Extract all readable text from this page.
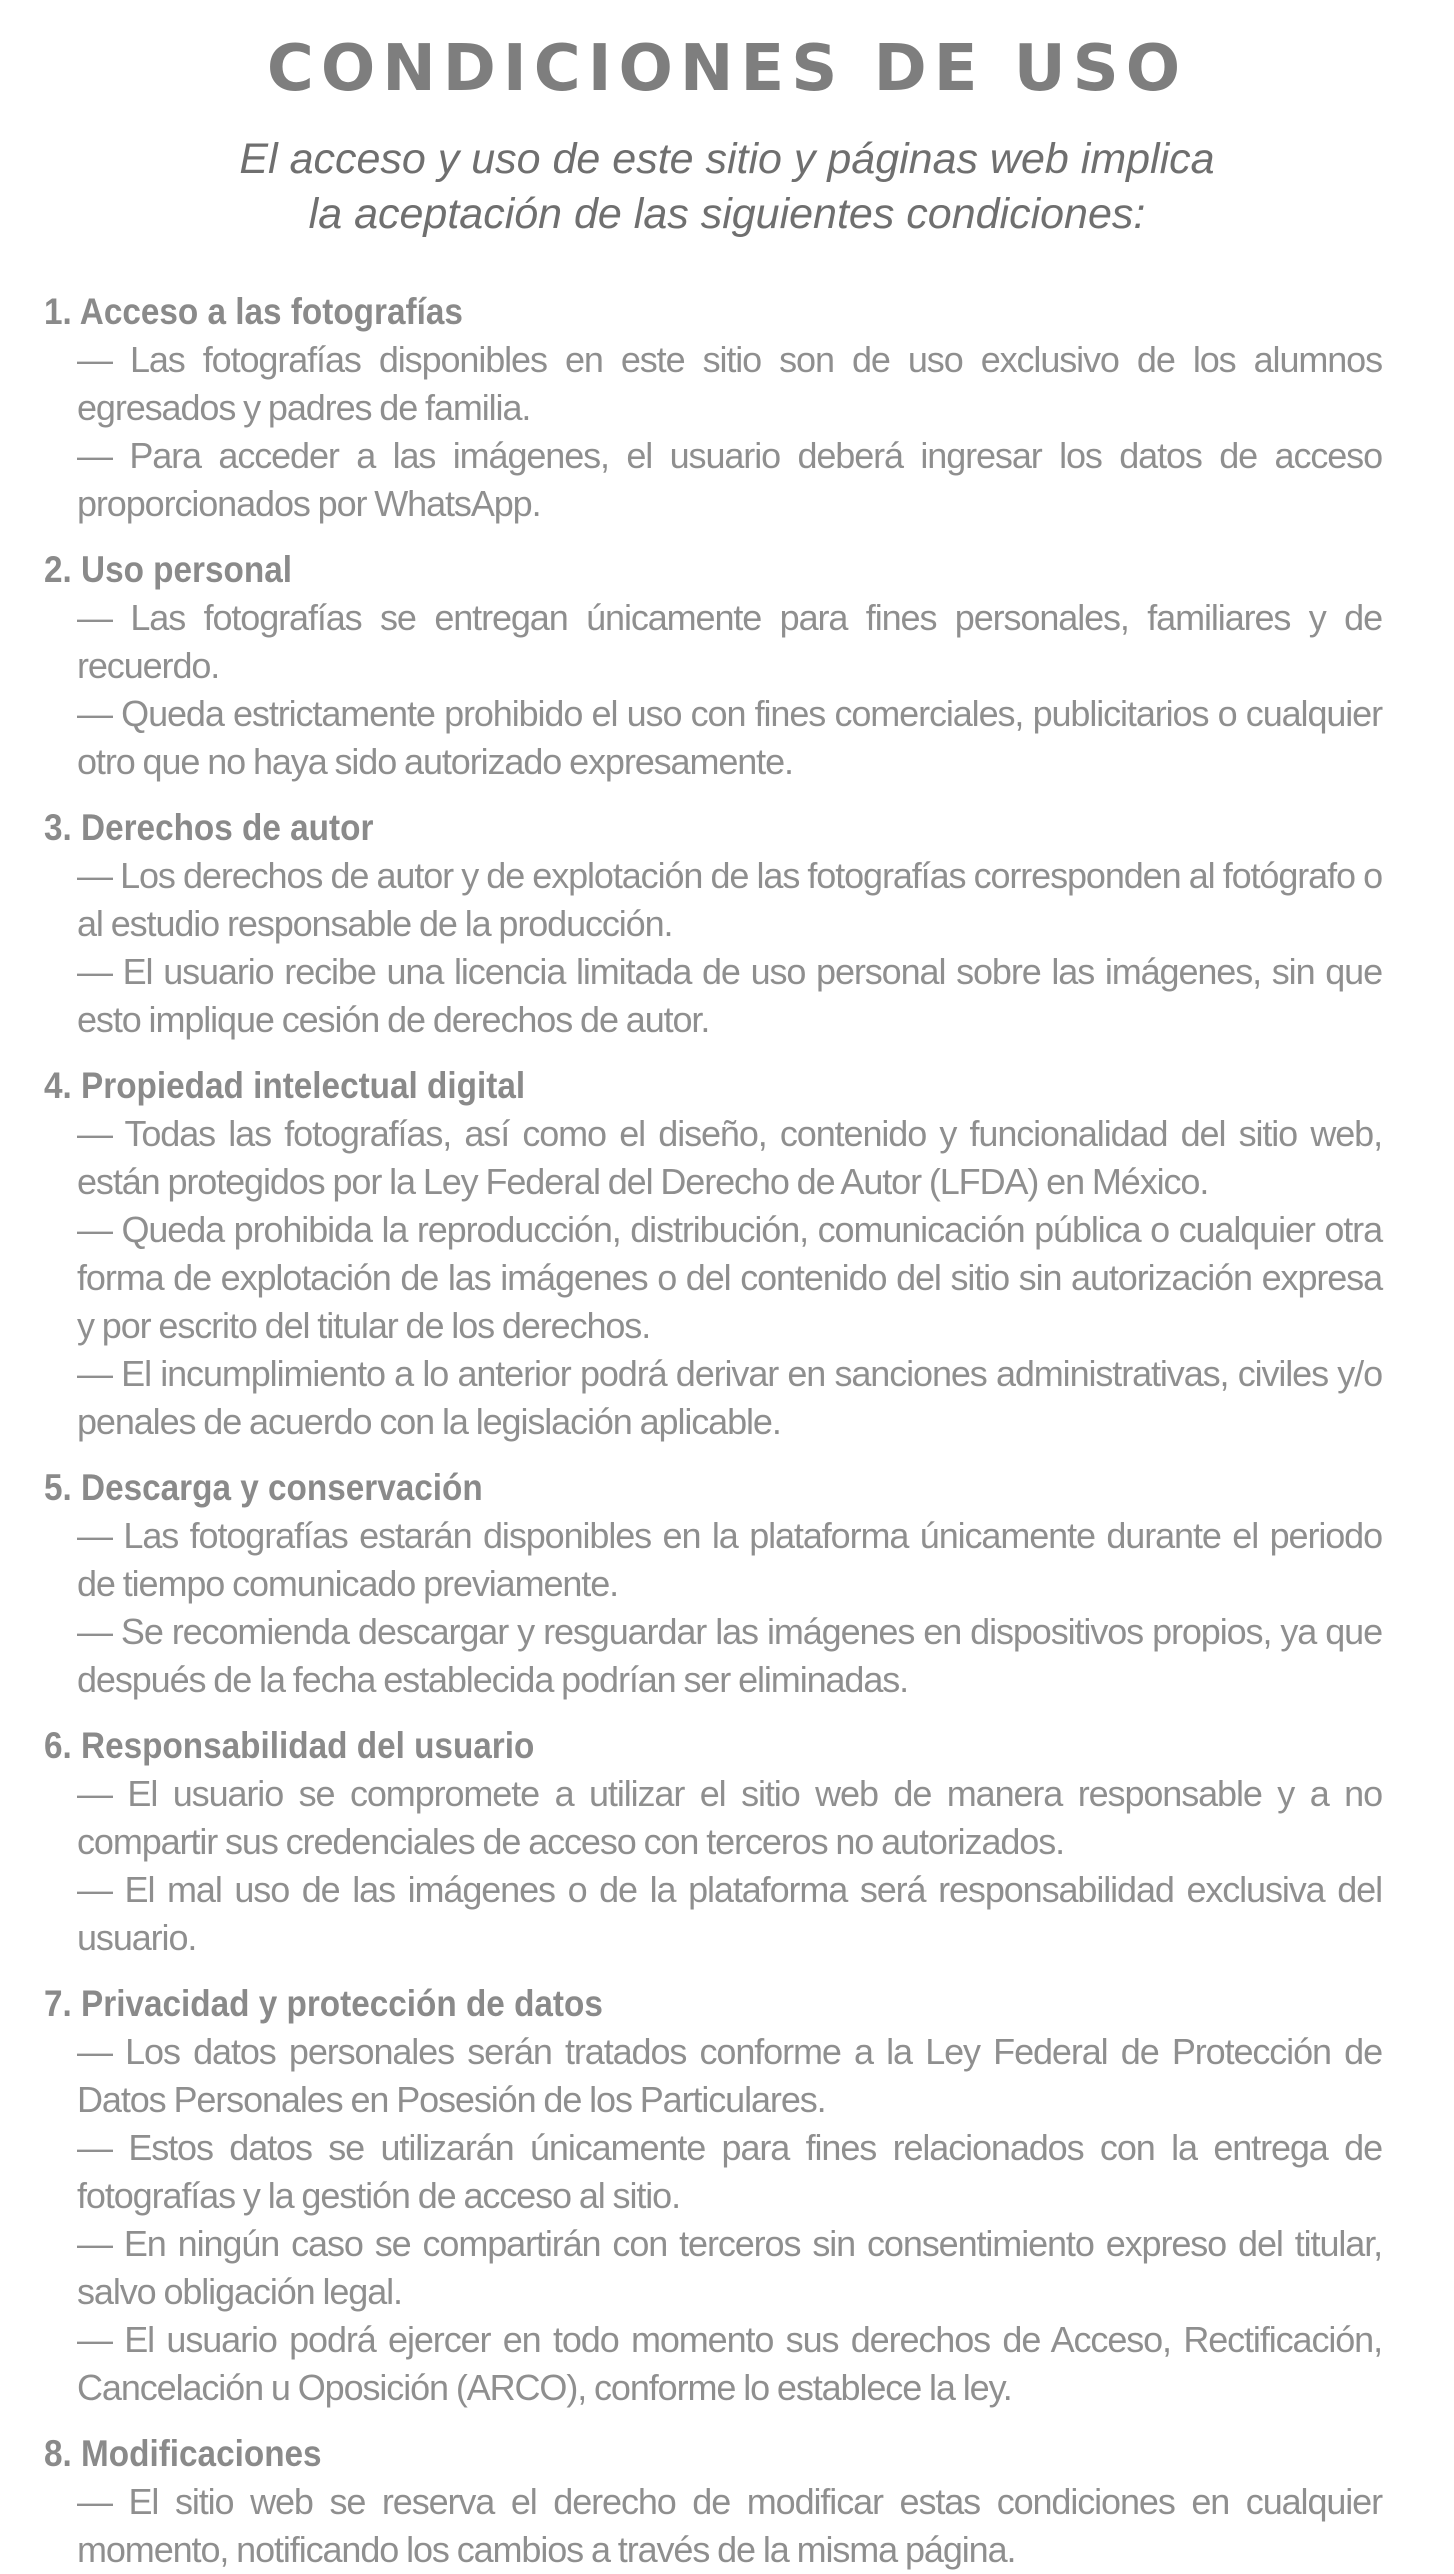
CONDICIONES DE USO

El acceso y uso de este sitio y páginas web implica la aceptación de las siguientes condiciones:

1. Acceso a las fotografías

— Las fotografías disponibles en este sitio son de uso exclusivo de los alumnos egresados y padres de familia.

— Para acceder a las imágenes, el usuario deberá ingresar los datos de acceso proporcionados por WhatsApp.

2. Uso personal

— Las fotografías se entregan únicamente para fines personales, familiares y de recuerdo.

— Queda estrictamente prohibido el uso con fines comerciales, publicitarios o cualquier otro que no haya sido autorizado expresamente.

3. Derechos de autor

— Los derechos de autor y de explotación de las fotografías corresponden al fotógrafo o al estudio responsable de la producción.

— El usuario recibe una licencia limitada de uso personal sobre las imágenes, sin que esto implique cesión de derechos de autor.

4. Propiedad intelectual digital

— Todas las fotografías, así como el diseño, contenido y funcionalidad del sitio web, están protegidos por la Ley Federal del Derecho de Autor (LFDA) en México.

— Queda prohibida la reproducción, distribución, comunicación pública o cualquier otra forma de explotación de las imágenes o del contenido del sitio sin autorización expresa y por escrito del titular de los derechos.

— El incumplimiento a lo anterior podrá derivar en sanciones administrativas, civiles y/o penales de acuerdo con la legislación aplicable.

5. Descarga y conservación

— Las fotografías estarán disponibles en la plataforma únicamente durante el periodo de tiempo comunicado previamente.

— Se recomienda descargar y resguardar las imágenes en dispositivos propios, ya que después de la fecha establecida podrían ser eliminadas.

6. Responsabilidad del usuario

— El usuario se compromete a utilizar el sitio web de manera responsable y a no compartir sus credenciales de acceso con terceros no autorizados.

— El mal uso de las imágenes o de la plataforma será responsabilidad exclusiva del usuario.

7. Privacidad y protección de datos

— Los datos personales serán tratados conforme a la Ley Federal de Protección de Datos Personales en Posesión de los Particulares.

— Estos datos se utilizarán únicamente para fines relacionados con la entrega de fotografías y la gestión de acceso al sitio.

— En ningún caso se compartirán con terceros sin consentimiento expreso del titular, salvo obligación legal.

— El usuario podrá ejercer en todo momento sus derechos de Acceso, Rectificación, Cancelación u Oposición (ARCO), conforme lo establece la ley.

8. Modificaciones

— El sitio web se reserva el derecho de modificar estas condiciones en cualquier momento, notificando los cambios a través de la misma página.
